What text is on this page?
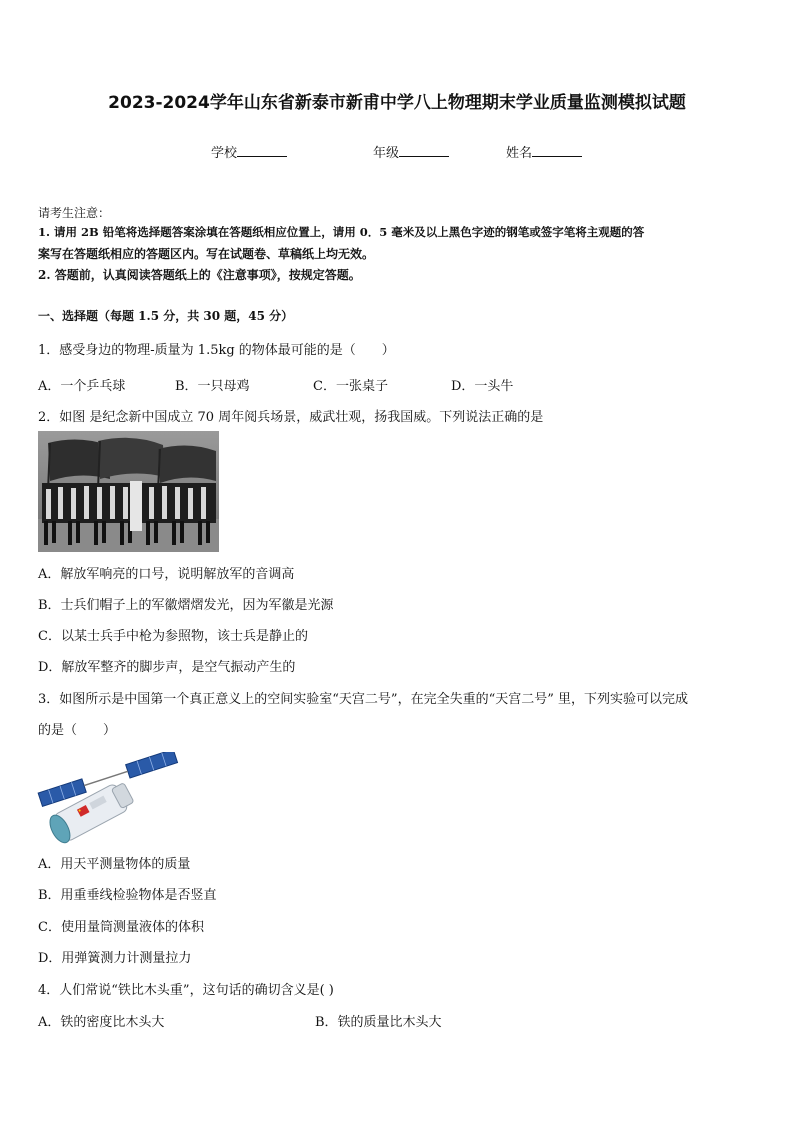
2023-2024学年山东省新泰市新甫中学八上物理期末学业质量监测模拟试题
学校	年级	姓名
请考生注意：
1. 请用 2B 铅笔将选择题答案涂填在答题纸相应位置上，请用 0．5 毫米及以上黑色字迹的钢笔或签字笔将主观题的答
案写在答题纸相应的答题区内。写在试题卷、草稿纸上均无效。
2. 答题前，认真阅读答题纸上的《注意事项》，按规定答题。
一、选择题（每题 1.5 分，共 30 题，45 分）
1．感受身边的物理-质量为 1.5kg 的物体最可能的是（　　）
A．一个乒乓球	B．一只母鸡	C．一张桌子	D．一头牛
2．如图 是纪念新中国成立 70 周年阅兵场景，威武壮观，扬我国威。下列说法正确的是
A．解放军响亮的口号，说明解放军的音调高
B．士兵们帽子上的军徽熠熠发光，因为军徽是光源
C．以某士兵手中枪为参照物，该士兵是静止的
D．解放军整齐的脚步声，是空气振动产生的
3．如图所示是中国第一个真正意义上的空间实验室“天宫二号”，在完全失重的“天宫二号” 里，下列实验可以完成
的是（　　）
A．用天平测量物体的质量
B．用重垂线检验物体是否竖直
C．使用量筒测量液体的体积
D．用弹簧测力计测量拉力
4．人们常说“铁比木头重”，这句话的确切含义是( )
A．铁的密度比木头大	B．铁的质量比木头大
